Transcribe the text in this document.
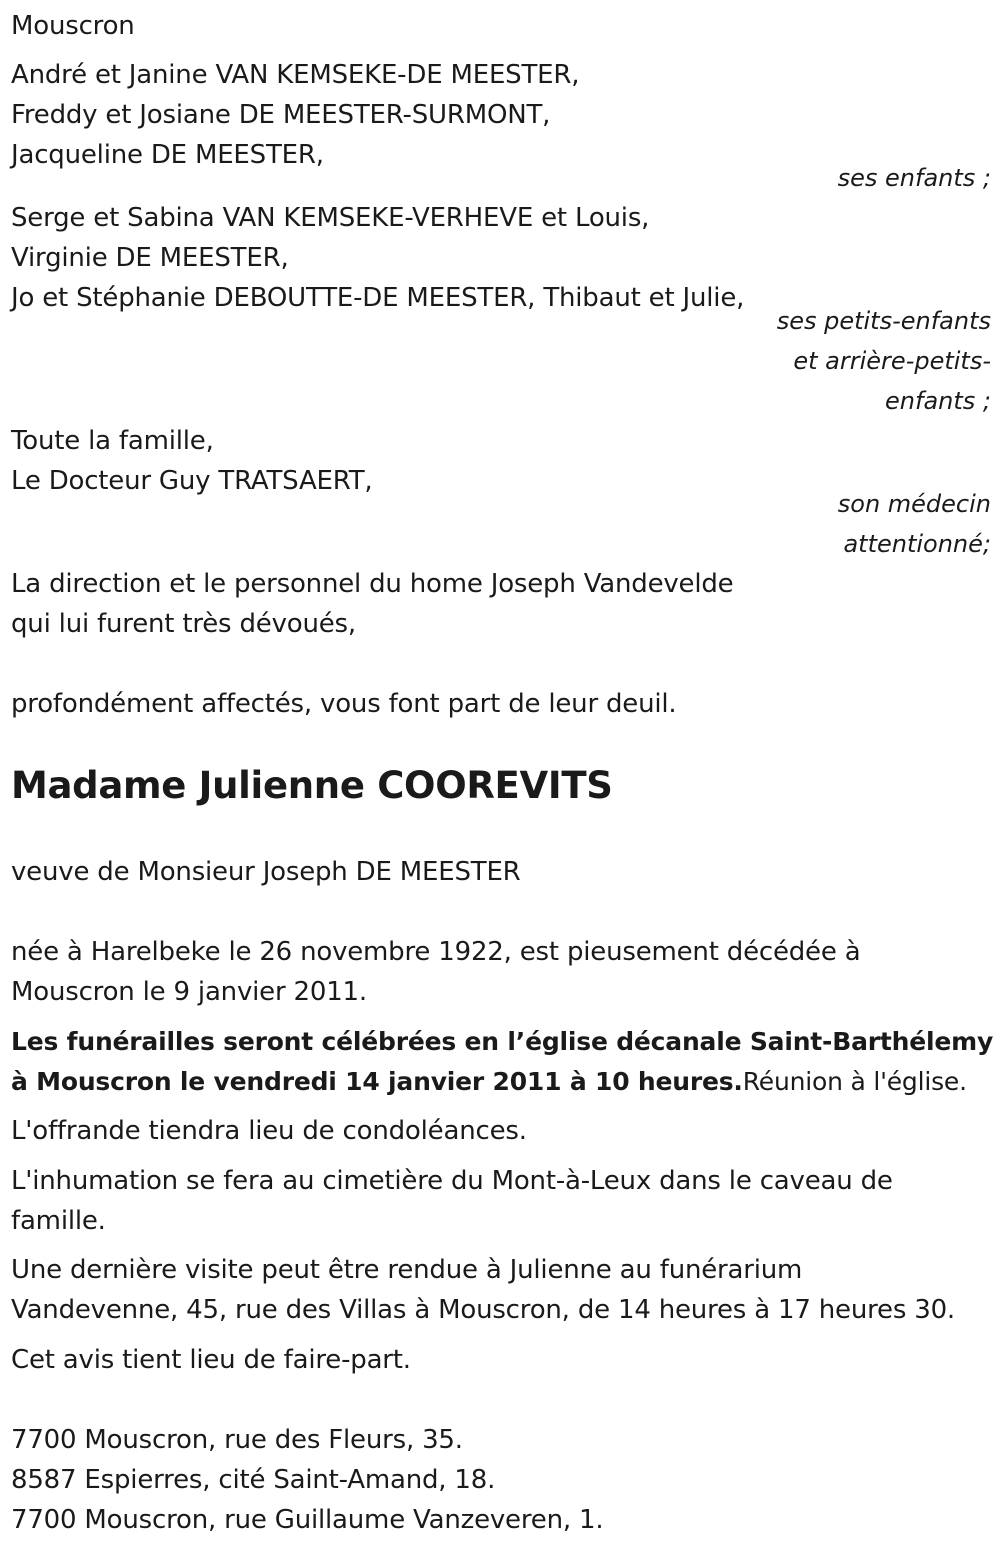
Mouscron
André et Janine VAN KEMSEKE-DE MEESTER,
Freddy et Josiane DE MEESTER-SURMONT,
Jacqueline DE MEESTER,
ses enfants ;
Serge et Sabina VAN KEMSEKE-VERHEVE et Louis,
Virginie DE MEESTER,
Jo et Stéphanie DEBOUTTE-DE MEESTER, Thibaut et Julie,
ses petits-enfants
et arrière-petits-
enfants ;
Toute la famille,
Le Docteur Guy TRATSAERT,
son médecin
attentionné;
La direction et le personnel du home Joseph Vandevelde
qui lui furent très dévoués,
profondément affectés, vous font part de leur deuil.
Madame Julienne COOREVITS
veuve de Monsieur Joseph DE MEESTER
née à Harelbeke le 26 novembre 1922, est pieusement décédée à
Mouscron le 9 janvier 2011.
Les funérailles seront célébrées en l’église décanale Saint-Barthélemy
à Mouscron le vendredi 14 janvier 2011 à 10 heures.Réunion à l'église.
L'offrande tiendra lieu de condoléances.
L'inhumation se fera au cimetière du Mont-à-Leux dans le caveau de
famille.
Une dernière visite peut être rendue à Julienne au funérarium
Vandevenne, 45, rue des Villas à Mouscron, de 14 heures à 17 heures 30.
Cet avis tient lieu de faire-part.
7700 Mouscron, rue des Fleurs, 35.
8587 Espierres, cité Saint-Amand, 18.
7700 Mouscron, rue Guillaume Vanzeveren, 1.
